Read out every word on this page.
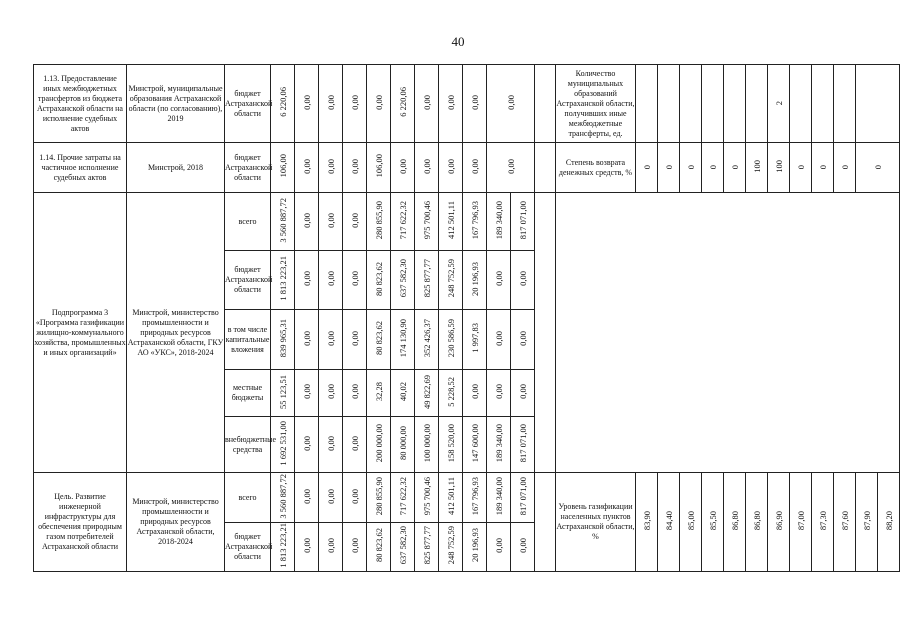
40
1.13. Предоставление иных межбюджетных трансфертов из бюджета Астраханской области на исполнение судебных актов	Минстрой, муниципальные образования Астраханской области (по согласованию), 2019	бюджет Астраханской области	6 220,06	0,00	0,00	0,00	0,00	6 220,06	0,00	0,00	0,00	0,00			Количество муниципальных образований Астраханской области, получивших иные межбюджетные трансферты, ед.							2					
1.14. Прочие затраты на частичное исполнение судебных актов	Минстрой, 2018	бюджет Астраханской области	106,00	0,00	0,00	0,00	106,00	0,00	0,00	0,00	0,00	0,00			Степень возврата денежных средств, %	0	0	0	0	0	100	100	0	0	0	0	
Подпрограмма 3 «Программа газификации жилищно-коммунального хозяйства, промышленных и иных организаций»	Минстрой, министерство промышленности и природных ресурсов Астраханской области, ГКУ АО «УКС», 2018-2024	всего	3 560 887,72	0,00	0,00	0,00	280 855,90	717 622,32	975 700,46	412 501,11	167 796,93	189 340,00	817 071,00														
		бюджет Астраханской области	1 813 223,21	0,00	0,00	0,00	80 823,62	637 582,30	825 877,77	248 752,59	20 196,93	0,00	0,00														
		в том числе капитальные вложения	839 965,31	0,00	0,00	0,00	80 823,62	174 130,90	352 426,37	230 586,59	1 997,83	0,00	0,00														
		местные бюджеты	55 123,51	0,00	0,00	0,00	32,28	40,02	49 822,69	5 228,52	0,00	0,00	0,00														
		внебюджетные средства	1 692 531,00	0,00	0,00	0,00	200 000,00	80 000,00	100 000,00	158 520,00	147 600,00	189 340,00	817 071,00														
Цель. Развитие инженерной инфраструктуры для обеспечения природным газом потребителей Астраханской области	Минстрой, министерство промышленности и природных ресурсов Астраханской области, 2018-2024	всего	3 560 887,72	0,00	0,00	0,00	280 855,90	717 622,32	975 700,46	412 501,11	167 796,93	189 340,00	817 071,00		Уровень газификации населенных пунктов Астраханской области, %	83,90	84,40	85,00	85,50	86,80	86,80	86,90	87,00	87,30	87,60	87,90	88,20
		бюджет Астраханской области	1 813 223,21	0,00	0,00	0,00	80 823,62	637 582,30	825 877,77	248 752,59	20 196,93	0,00	0,00														
